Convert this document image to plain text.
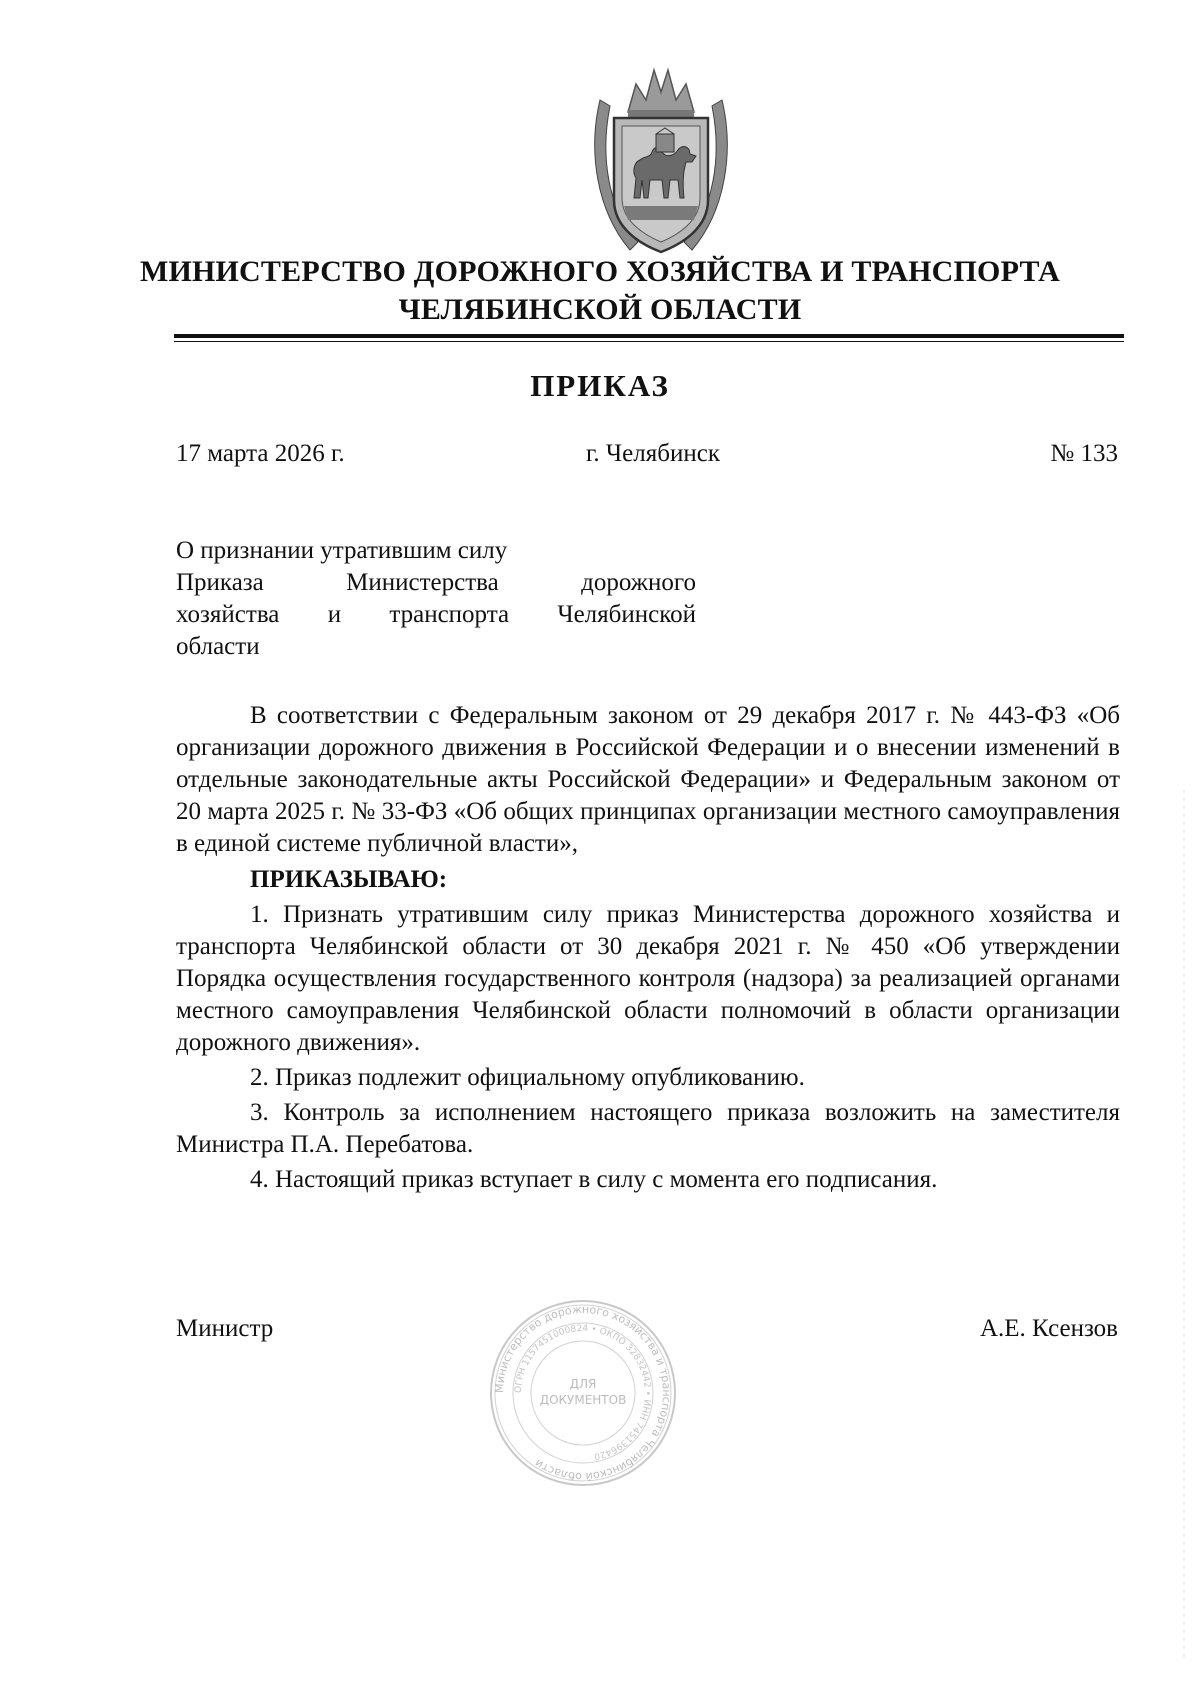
МИНИСТЕРСТВО ДОРОЖНОГО ХОЗЯЙСТВА И ТРАНСПОРТА
ЧЕЛЯБИНСКОЙ ОБЛАСТИ
ПРИКАЗ
17 марта 2026 г.	г. Челябинск	№ 133
О признании утратившим силу
Приказа Министерства дорожного
хозяйства и транспорта Челябинской
области

В соответствии с Федеральным законом от 29 декабря 2017 г. № 443-ФЗ «Об организации дорожного движения в Российской Федерации и о внесении изменений в отдельные законодательные акты Российской Федерации» и Федеральным законом от 20 марта 2025 г. № 33-ФЗ «Об общих принципах организации местного самоуправления в единой системе публичной власти»,

ПРИКАЗЫВАЮ:

1. Признать утратившим силу приказ Министерства дорожного хозяйства и транспорта Челябинской области от 30 декабря 2021 г. № 450 «Об утверждении Порядка осуществления государственного контроля (надзора) за реализацией органами местного самоуправления Челябинской области полномочий в области организации дорожного движения».

2. Приказ подлежит официальному опубликованию.

3. Контроль за исполнением настоящего приказа возложить на заместителя Министра П.А. Перебатова.

4. Настоящий приказ вступает в силу с момента его подписания.

Министр	А.Е. Ксензов
Министерство дорожного хозяйства и транспорта Челябинской области
ОГРН 1157451000824 • ОКПО 32832442 • ИНН 7451396420
ДЛЯ
ДОКУМЕНТОВ
